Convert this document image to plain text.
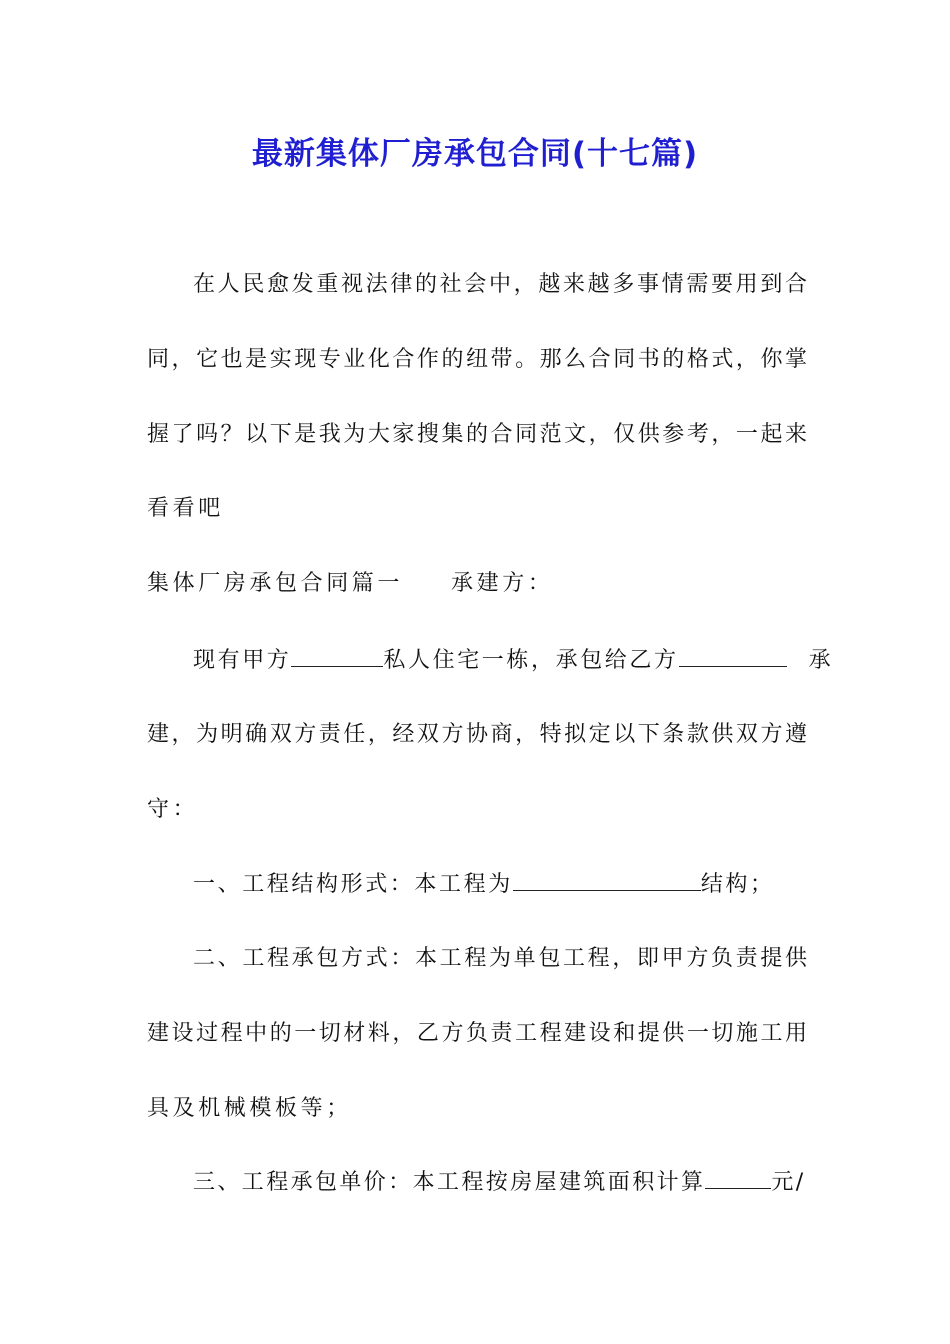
最新集体厂房承包合同(十七篇)
在人民愈发重视法律的社会中，越来越多事情需要用到合
同，它也是实现专业化合作的纽带。那么合同书的格式，你掌
握了吗？以下是我为大家搜集的合同范文，仅供参考，一起来
看看吧
集体厂房承包合同篇一 承建方：
现有甲方	私人住宅一栋，承包给乙方	承
建，为明确双方责任，经双方协商，特拟定以下条款供双方遵
守：
一、工程结构形式：本工程为	结构；
二、工程承包方式：本工程为单包工程，即甲方负责提供
建设过程中的一切材料，乙方负责工程建设和提供一切施工用
具及机械模板等；
三、工程承包单价：本工程按房屋建筑面积计算	元/
